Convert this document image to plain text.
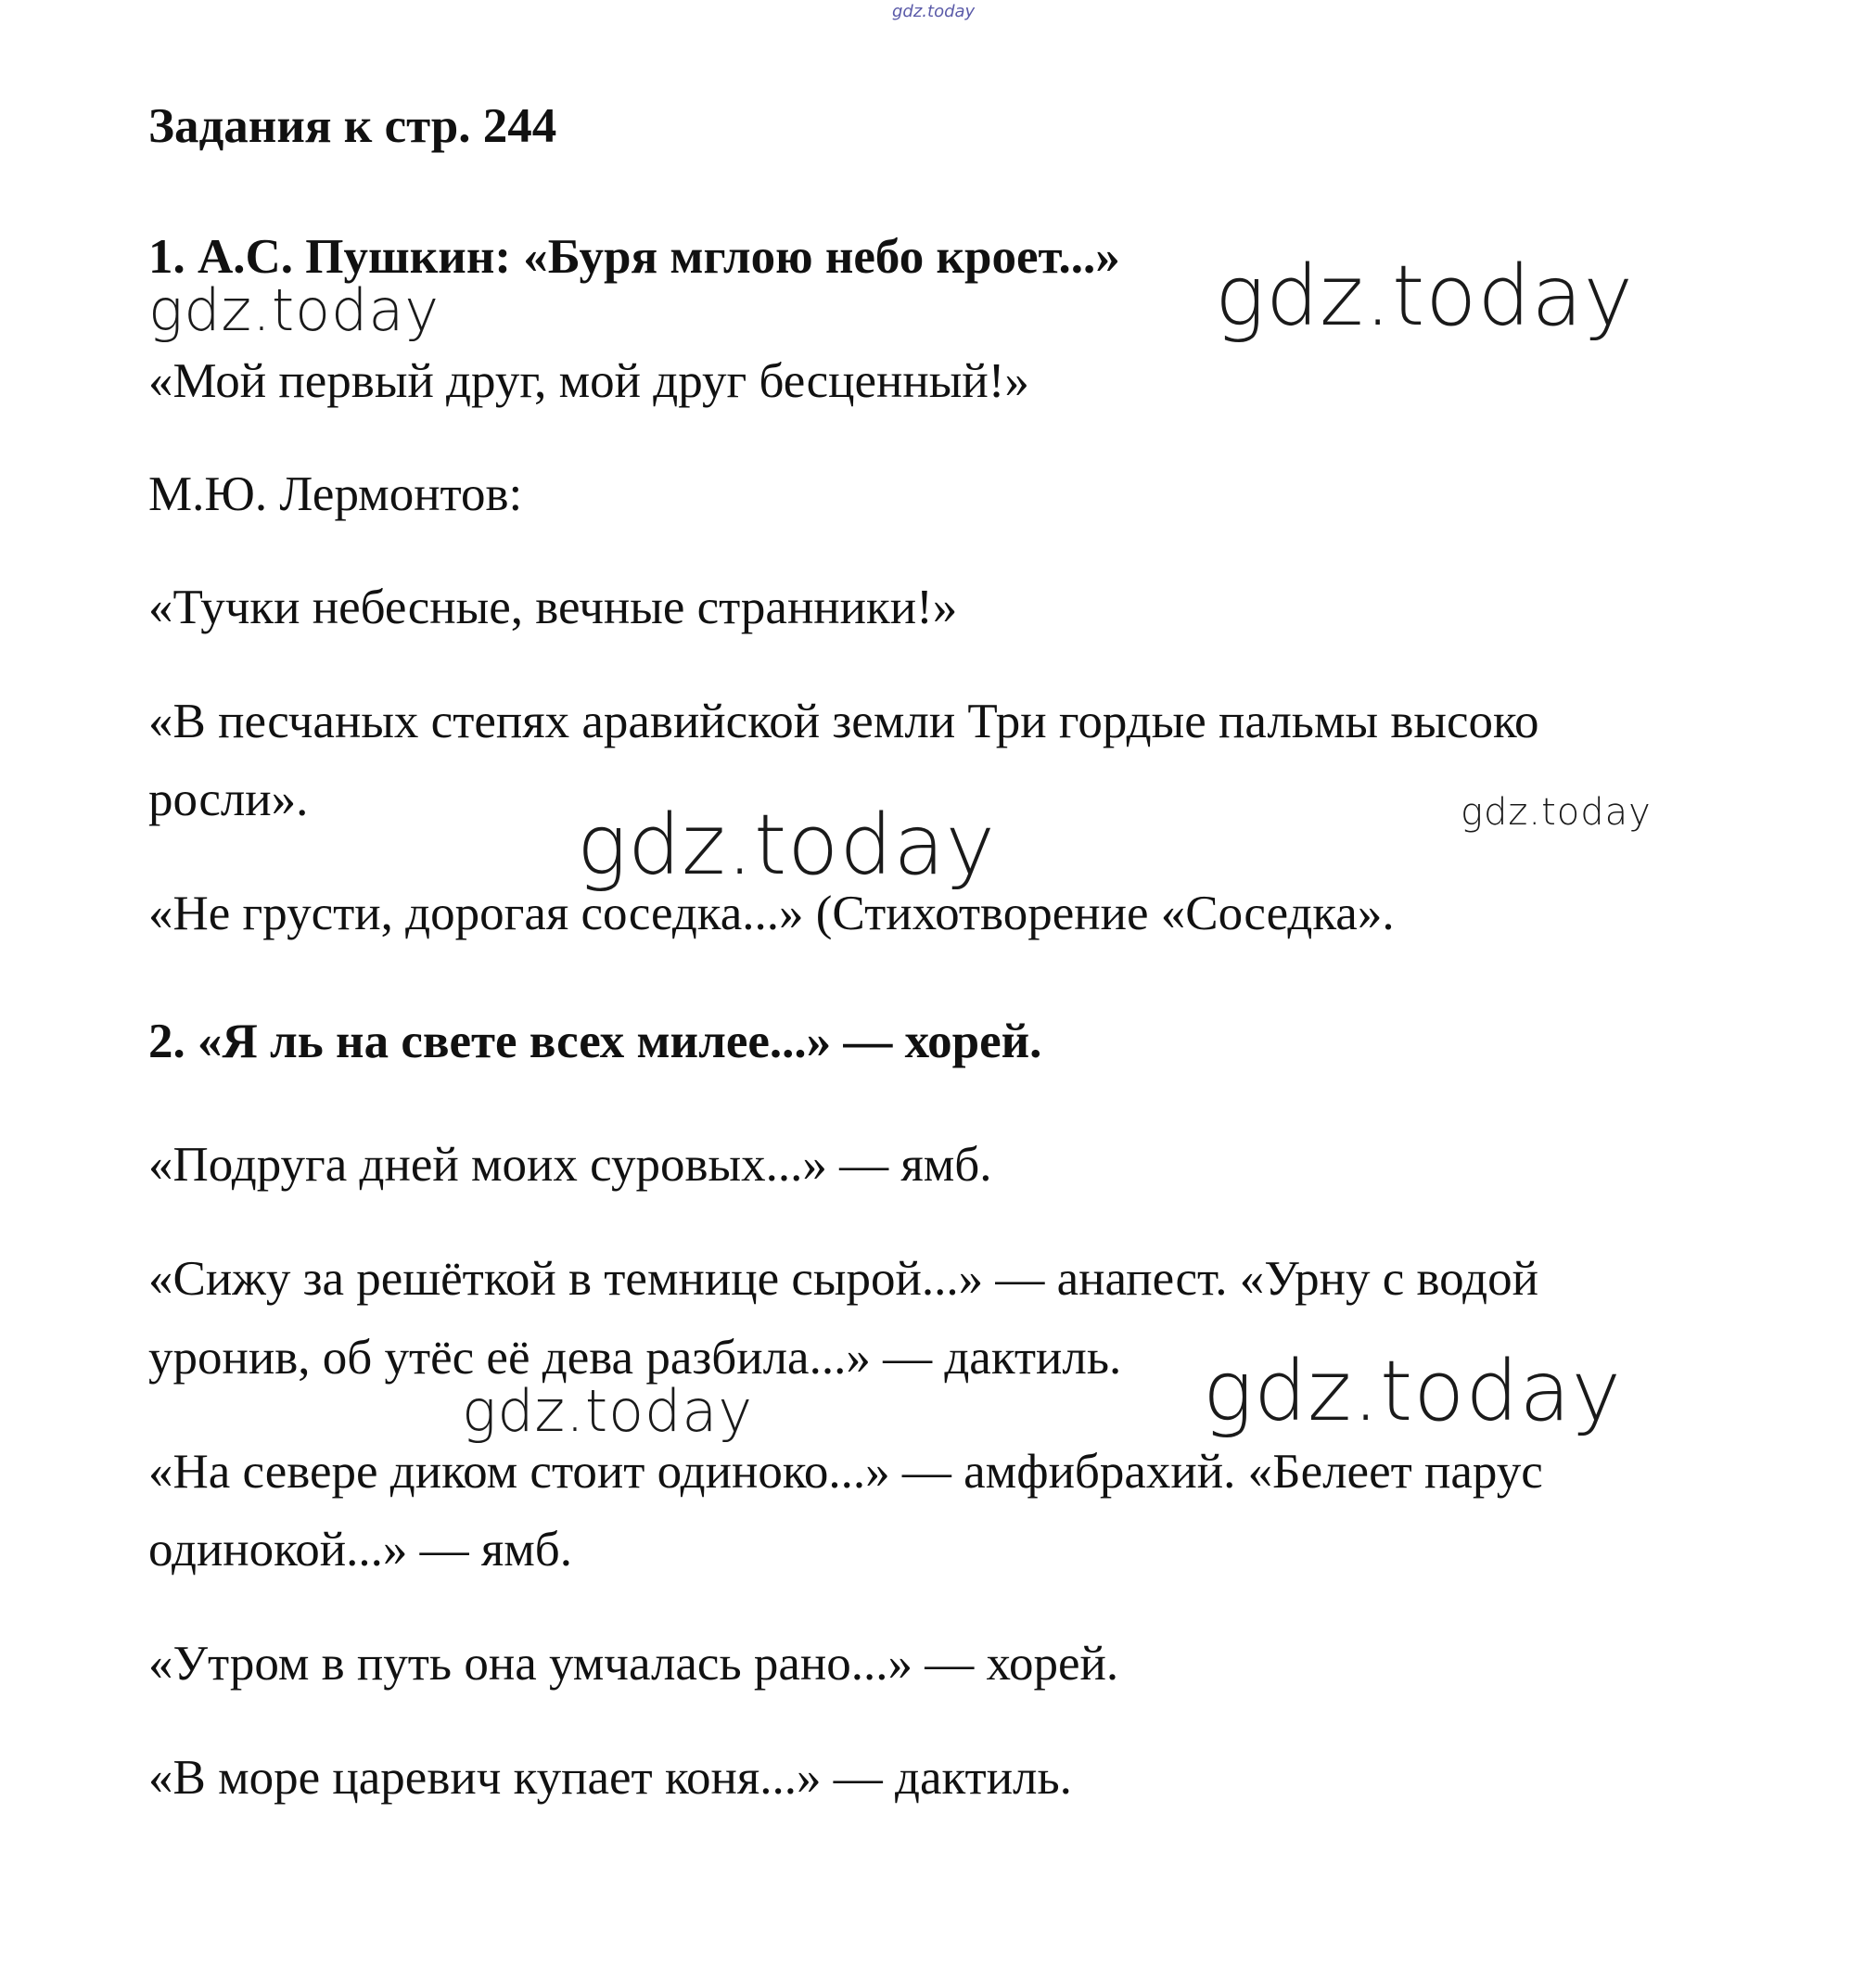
gdz.today
Задания к стр. 244
1. А.С. Пушкин: «Буря мглою небо кроет...»
«Мой первый друг, мой друг бесценный!»
М.Ю. Лермонтов:
«Тучки небесные, вечные странники!»
«В песчаных степях аравийской земли Три гордые пальмы высоко
росли».
«Не грусти, дорогая соседка...» (Стихотворение «Соседка».
2. «Я ль на свете всех милее...» — хорей.
«Подруга дней моих суровых...» — ямб.
«Сижу за решёткой в темнице сырой...» — анапест. «Урну с водой
уронив, об утёс её дева разбила...» — дактиль.
«На севере диком стоит одиноко...» — амфибрахий. «Белеет парус
одинокой...» — ямб.
«Утром в путь она умчалась рано...» — хорей.
«В море царевич купает коня...» — дактиль.
gdz.today	gdz.today
gdz.today	gdz.today
gdz.today
gdz.today
